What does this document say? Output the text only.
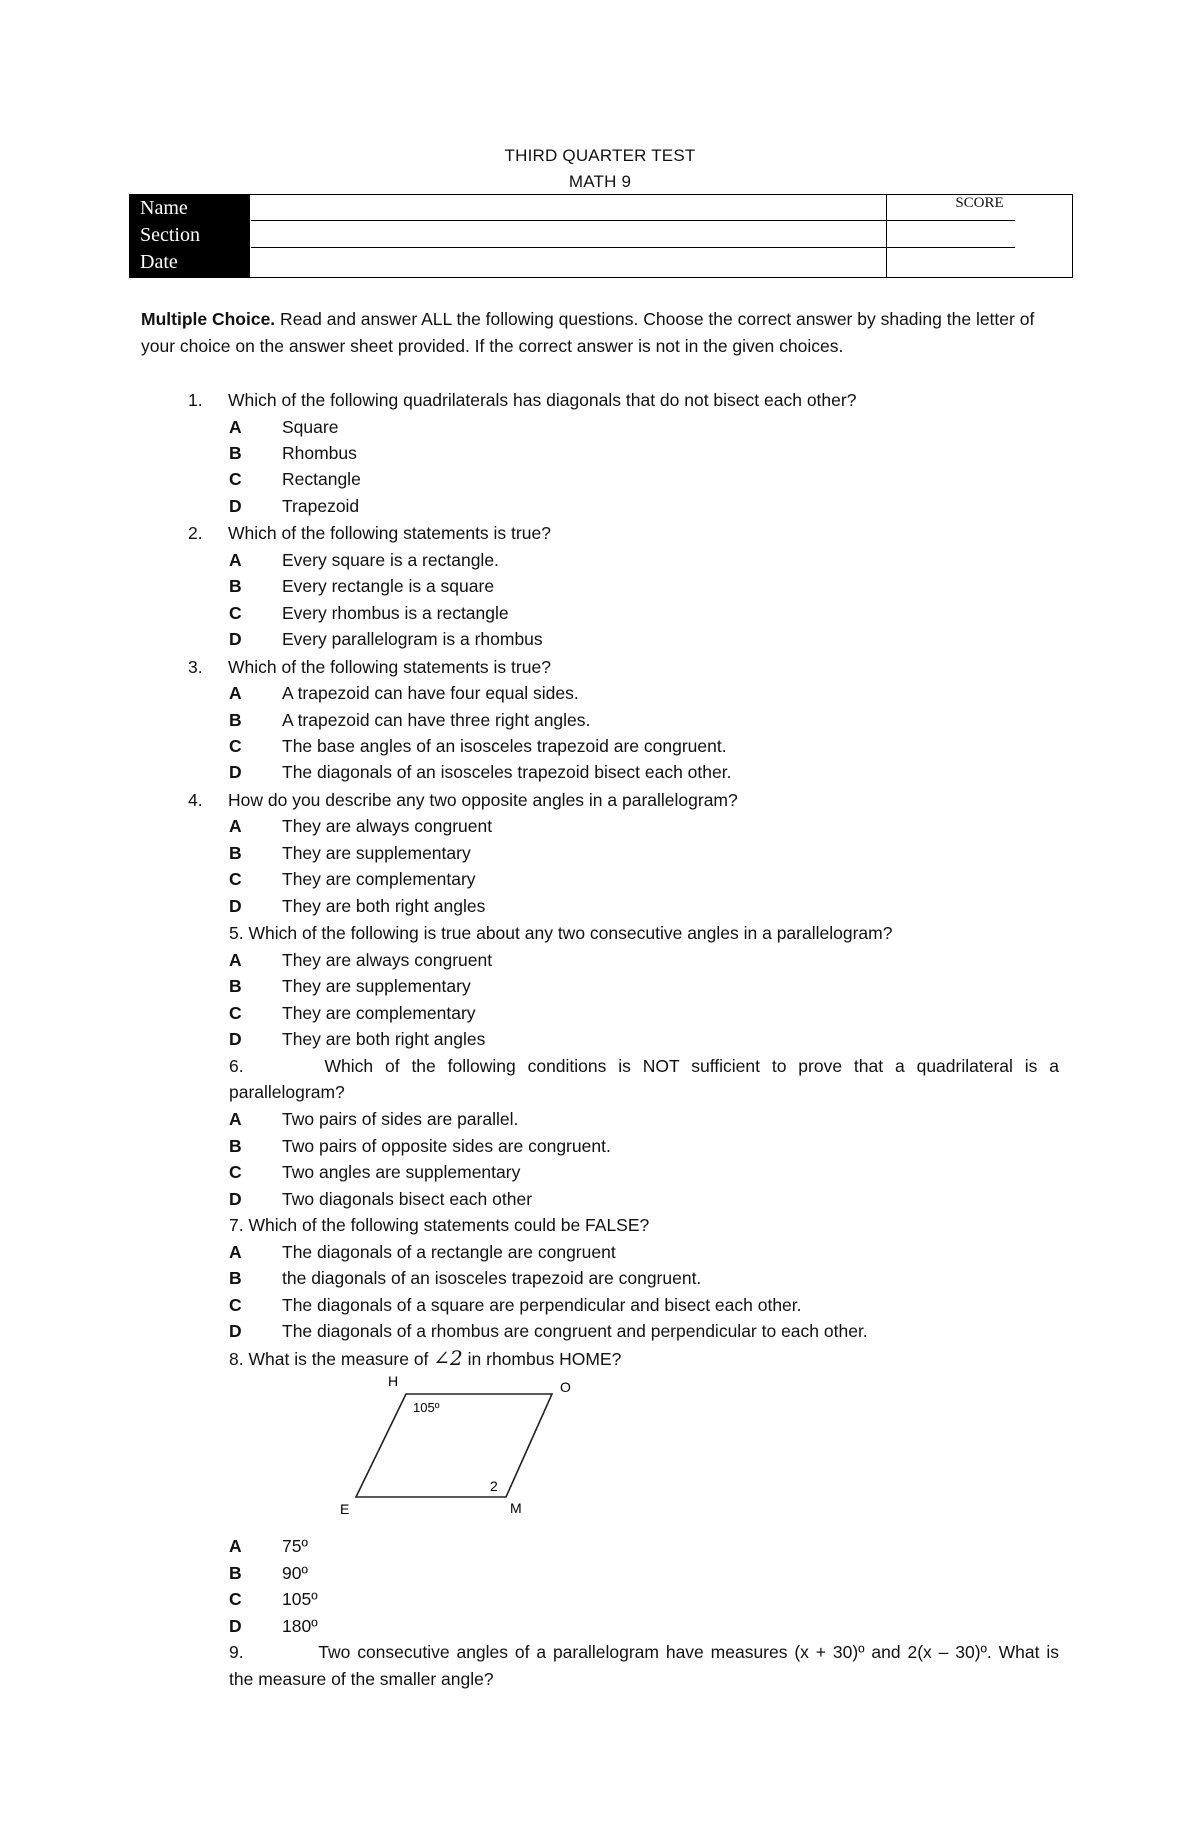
THIRD QUARTER TEST
MATH 9
Name
Section
Date
SCORE
Multiple Choice. Read and answer ALL the following questions. Choose the correct answer by shading the letter of your choice on the answer sheet provided. If the correct answer is not in the given choices.
1. Which of the following quadrilaterals has diagonals that do not bisect each other?
A Square
B Rhombus
C Rectangle
D Trapezoid
2. Which of the following statements is true?
A Every square is a rectangle.
B Every rectangle is a square
C Every rhombus is a rectangle
D Every parallelogram is a rhombus
3. Which of the following statements is true?
A A trapezoid can have four equal sides.
B A trapezoid can have three right angles.
C The base angles of an isosceles trapezoid are congruent.
D The diagonals of an isosceles trapezoid bisect each other.
4. How do you describe any two opposite angles in a parallelogram?
A They are always congruent
B They are supplementary
C They are complementary
D They are both right angles
5. Which of the following is true about any two consecutive angles in a parallelogram?
A They are always congruent
B They are supplementary
C They are complementary
D They are both right angles
6.	Which of the following conditions is NOT sufficient to prove that a quadrilateral is a
parallelogram?
A Two pairs of sides are parallel.
B Two pairs of opposite sides are congruent.
C Two angles are supplementary
D Two diagonals bisect each other
7. Which of the following statements could be FALSE?
A The diagonals of a rectangle are congruent
B the diagonals of an isosceles trapezoid are congruent.
C The diagonals of a square are perpendicular and bisect each other.
D The diagonals of a rhombus are congruent and perpendicular to each other.
8. What is the measure of ∠2 in rhombus HOME?
H	O
E	M
105º
2
A 75º
B 90º
C 105º
D 180º
9.	Two consecutive angles of a parallelogram have measures (x + 30)º and 2(x – 30)º. What is
the measure of the smaller angle?
